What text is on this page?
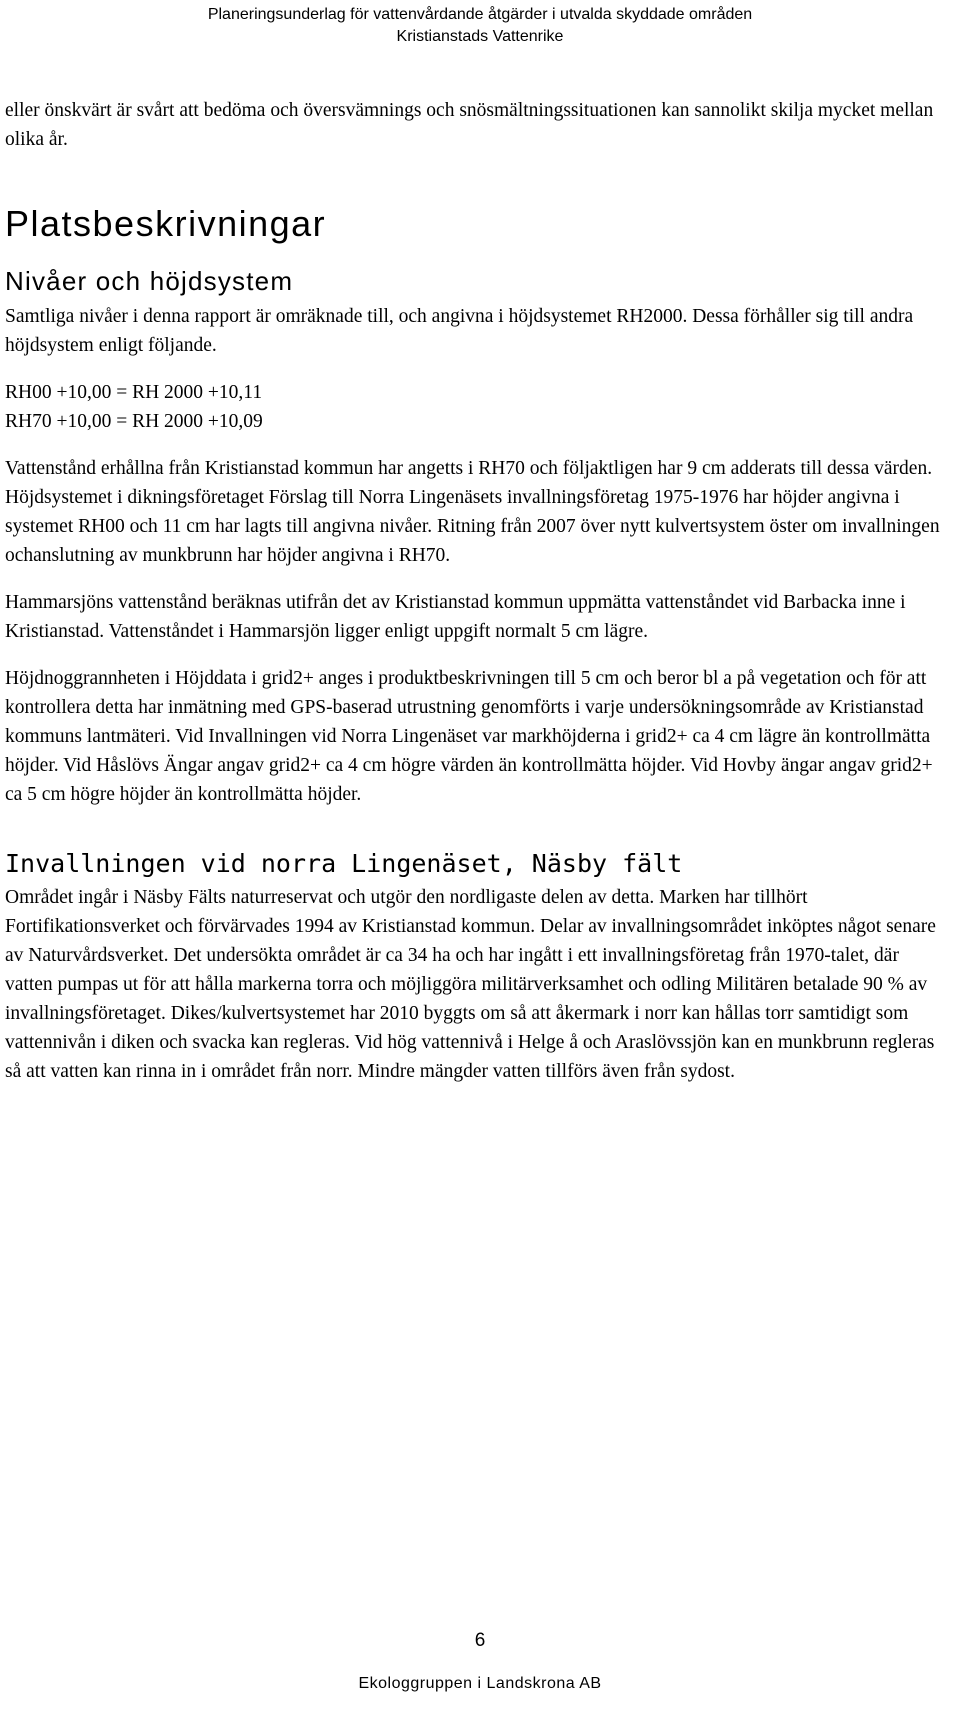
Planeringsunderlag för vattenvårdande åtgärder i utvalda skyddade områden
Kristianstads Vattenrike

eller önskvärt är svårt att bedöma och översvämnings och snösmältningssituationen kan sannolikt skilja mycket mellan olika år.

Platsbeskrivningar
Nivåer och höjdsystem

Samtliga nivåer i denna rapport är omräknade till, och angivna i höjdsystemet RH2000. Dessa förhåller sig till andra höjdsystem enligt följande.

RH00 +10,00 = RH 2000 +10,11

RH70 +10,00 = RH 2000 +10,09

Vattenstånd erhållna från Kristianstad kommun har angetts i RH70 och följaktligen har 9 cm adderats till dessa värden. Höjdsystemet i dikningsföretaget Förslag till Norra Lingenäsets invallningsföretag 1975-1976 har höjder angivna i systemet RH00 och 11 cm har lagts till angivna nivåer. Ritning från 2007 över nytt kulvertsystem öster om invallningen ochanslutning av munkbrunn har höjder angivna i RH70.

Hammarsjöns vattenstånd beräknas utifrån det av Kristianstad kommun uppmätta vattenståndet vid Barbacka inne i Kristianstad. Vattenståndet i Hammarsjön ligger enligt uppgift normalt 5 cm lägre.

Höjdnoggrannheten i Höjddata i grid2+ anges i produktbeskrivningen till 5 cm och beror bl a på vegetation och för att kontrollera detta har inmätning med GPS-baserad utrustning genomförts i varje undersökningsområde av Kristianstad kommuns lantmäteri. Vid Invallningen vid Norra Lingenäset var markhöjderna i grid2+ ca 4 cm lägre än kontrollmätta höjder. Vid Håslövs Ängar angav grid2+ ca 4 cm högre värden än kontrollmätta höjder. Vid Hovby ängar angav grid2+ ca 5 cm högre höjder än kontrollmätta höjder.

Invallningen vid norra Lingenäset, Näsby fält

Området ingår i Näsby Fälts naturreservat och utgör den nordligaste delen av detta. Marken har tillhört Fortifikationsverket och förvärvades 1994 av Kristianstad kommun. Delar av invallningsområdet inköptes något senare av Naturvårdsverket. Det undersökta området är ca 34 ha och har ingått i ett invallningsföretag från 1970-talet, där vatten pumpas ut för att hålla markerna torra och möjliggöra militärverksamhet och odling Militären betalade 90 % av invallningsföretaget. Dikes/kulvertsystemet har 2010 byggts om så att åkermark i norr kan hållas torr samtidigt som vattennivån i diken och svacka kan regleras. Vid hög vattennivå i Helge å och Araslövssjön kan en munkbrunn regleras så att vatten kan rinna in i området från norr. Mindre mängder vatten tillförs även från sydost.

6
Ekologgruppen i Landskrona AB
